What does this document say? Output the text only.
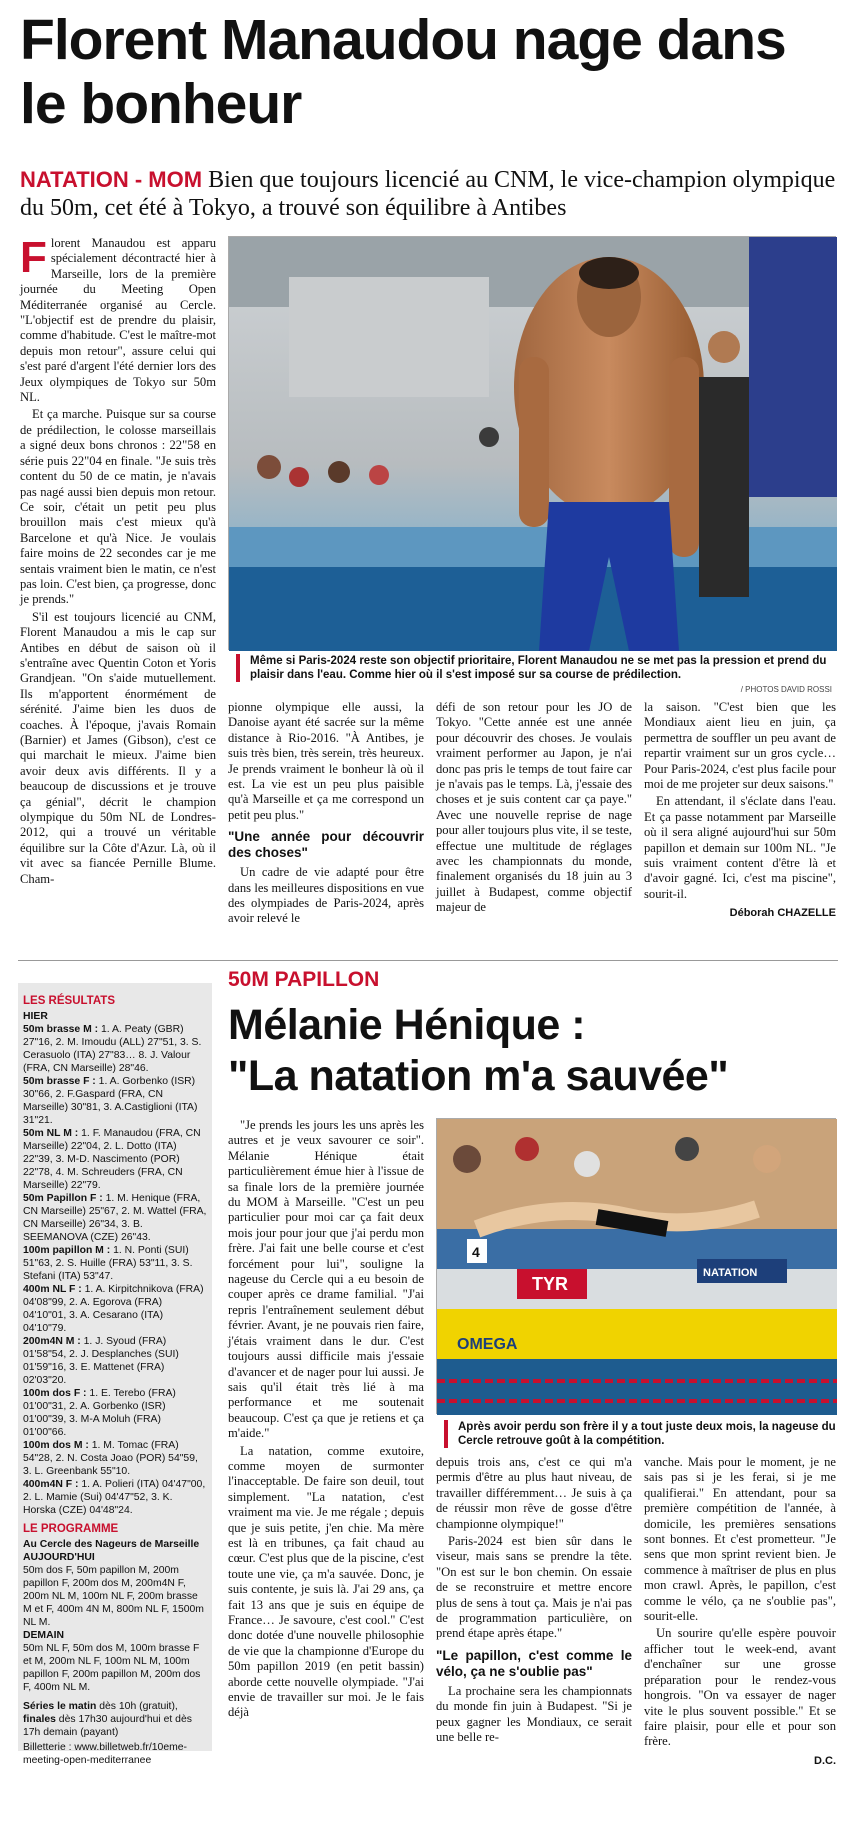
Florent Manaudou nage dans le bonheur
NATATION - MOM Bien que toujours licencié au CNM, le vice-champion olympique du 50m, cet été à Tokyo, a trouvé son équilibre à Antibes
F lorent Manaudou est apparu spécialement décontracté hier à Marseille, lors de la première journée du Meeting Open Méditerranée organisé au Cercle. "L'objectif est de prendre du plaisir, comme d'habitude. C'est le maître-mot depuis mon retour", assure celui qui s'est paré d'argent l'été dernier lors des Jeux olympiques de Tokyo sur 50m NL.

Et ça marche. Puisque sur sa course de prédilection, le colosse marseillais a signé deux bons chronos : 22"58 en série puis 22"04 en finale. "Je suis très content du 50 de ce matin, je n'avais pas nagé aussi bien depuis mon retour. Ce soir, c'était un petit peu plus brouillon mais c'est mieux qu'à Barcelone et qu'à Nice. Je voulais faire moins de 22 secondes car je me sentais vraiment bien le matin, ce n'est pas loin. C'est bien, ça progresse, donc je prends."

S'il est toujours licencié au CNM, Florent Manaudou a mis le cap sur Antibes en début de saison où il s'entraîne avec Quentin Coton et Yoris Grandjean. "On s'aide mutuellement. Ils m'apportent énormément de sérénité. J'aime bien les duos de coaches. À l'époque, j'avais Romain (Barnier) et James (Gibson), c'est ce qui marchait le mieux. J'aime bien avoir deux avis différents. Il y a beaucoup de discussions et je trouve ça génial", décrit le champion olympique du 50m NL de Londres-2012, qui a trouvé un véritable équilibre sur la Côte d'Azur. Là, où il vit avec sa fiancée Pernille Blume. Cham-

Même si Paris-2024 reste son objectif prioritaire, Florent Manaudou ne se met pas la pression et prend du plaisir dans l'eau. Comme hier où il s'est imposé sur sa course de prédilection.
/ PHOTOS DAVID ROSSI

pionne olympique elle aussi, la Danoise ayant été sacrée sur la même distance à Rio-2016. "À Antibes, je suis très bien, très serein, très heureux. Je prends vraiment le bonheur là où il est. La vie est un peu plus paisible qu'à Marseille et ça me correspond un petit peu plus."

"Une année pour découvrir des choses"

Un cadre de vie adapté pour être dans les meilleures dispositions en vue des olympiades de Paris-2024, après avoir relevé le

défi de son retour pour les JO de Tokyo. "Cette année est une année pour découvrir des choses. Je voulais vraiment performer au Japon, je n'ai donc pas pris le temps de tout faire car je n'avais pas le temps. Là, j'essaie des choses et je suis content car ça paye." Avec une nouvelle reprise de nage pour aller toujours plus vite, il se teste, effectue une multitude de réglages avec les championnats du monde, finalement organisés du 18 juin au 3 juillet à Budapest, comme objectif majeur de

la saison. "C'est bien que les Mondiaux aient lieu en juin, ça permettra de souffler un peu avant de repartir vraiment sur un gros cycle… Pour Paris-2024, c'est plus facile pour moi de me projeter sur deux saisons."

En attendant, il s'éclate dans l'eau. Et ça passe notamment par Marseille où il sera aligné aujourd'hui sur 50m papillon et demain sur 100m NL. "Je suis vraiment content d'être là et d'avoir gagné. Ici, c'est ma piscine", sourit-il.

Déborah CHAZELLE
LES RÉSULTATS
HIER
50m brasse M : 1. A. Peaty (GBR) 27"16, 2. M. Imoudu (ALL) 27"51, 3. S. Cerasuolo (ITA) 27"83… 8. J. Valour (FRA, CN Marseille) 28"46.
50m brasse F : 1. A. Gorbenko (ISR) 30"66, 2. F.Gaspard (FRA, CN Marseille) 30"81, 3. A.Castiglioni (ITA) 31"21.
50m NL M : 1. F. Manaudou (FRA, CN Marseille) 22"04, 2. L. Dotto (ITA) 22"39, 3. M-D. Nascimento (POR) 22"78, 4. M. Schreuders (FRA, CN Marseille) 22"79.
50m Papillon F : 1. M. Henique (FRA, CN Marseille) 25"67, 2. M. Wattel (FRA, CN Marseille) 26"34, 3. B. SEEMANOVA (CZE) 26"43.
100m papillon M : 1. N. Ponti (SUI) 51"63, 2. S. Huille (FRA) 53"11, 3. S. Stefani (ITA) 53"47.
400m NL F : 1. A. Kirpitchnikova (FRA) 04'08"99, 2. A. Egorova (FRA) 04'10"01, 3. A. Cesarano (ITA) 04'10"79.
200m4N M : 1. J. Syoud (FRA) 01'58"54, 2. J. Desplanches (SUI) 01'59"16, 3. E. Mattenet (FRA) 02'03"20.
100m dos F : 1. E. Terebo (FRA) 01'00"31, 2. A. Gorbenko (ISR) 01'00"39, 3. M-A Moluh (FRA) 01'00"66.
100m dos M : 1. M. Tomac (FRA) 54"28, 2. N. Costa Joao (POR) 54"59, 3. L. Greenbank 55"10.
400m4N F : 1. A. Polieri (ITA) 04'47"00, 2. L. Mamie (Sui) 04'47"52, 3. K. Horska (CZE) 04'48"24.
LE PROGRAMME
Au Cercle des Nageurs de Marseille
AUJOURD'HUI
50m dos F, 50m papillon M, 200m papillon F, 200m dos M, 200m4N F, 200m NL M, 100m NL F, 200m brasse M et F, 400m 4N M, 800m NL F, 1500m NL M.
DEMAIN
50m NL F, 50m dos M, 100m brasse F et M, 200m NL F, 100m NL M, 100m papillon F, 200m papillon M, 200m dos F, 400m NL M.
Séries le matin dès 10h (gratuit), finales dès 17h30 aujourd'hui et dès 17h demain (payant)
Billetterie : www.billetweb.fr/10eme-meeting-open-mediterranee
50M PAPILLON
Mélanie Hénique :
"La natation m'a sauvée"

"Je prends les jours les uns après les autres et je veux savourer ce soir". Mélanie Hénique était particulièrement émue hier à l'issue de sa finale lors de la première journée du MOM à Marseille. "C'est un peu particulier pour moi car ça fait deux mois jour pour jour que j'ai perdu mon frère. J'ai fait une belle course et c'est forcément pour lui", souligne la nageuse du Cercle qui a eu besoin de couper après ce drame familial. "J'ai repris l'entraînement seulement début février. Avant, je ne pouvais rien faire, j'étais vraiment dans le dur. C'est toujours aussi difficile mais j'essaie d'avancer et de nager pour lui aussi. Je sais qu'il était très lié à ma performance et me soutenait beaucoup. C'est ça que je retiens et ça m'aide."

La natation, comme exutoire, comme moyen de surmonter l'inacceptable. De faire son deuil, tout simplement. "La natation, c'est vraiment ma vie. Je me régale ; depuis que je suis petite, j'en chie. Ma mère est là en tribunes, ça fait chaud au cœur. C'est plus que de la piscine, c'est toute une vie, ça m'a sauvée. Donc, je suis contente, je suis là. J'ai 29 ans, ça fait 13 ans que je suis en équipe de France… Je savoure, c'est cool." C'est donc dotée d'une nouvelle philosophie de vie que la championne d'Europe du 50m papillon 2019 (en petit bassin) aborde cette nouvelle olympiade. "J'ai envie de travailler sur moi. Je le fais déjà

TYR
NATATION
OMEGA
4
Après avoir perdu son frère il y a tout juste deux mois, la nageuse du Cercle retrouve goût à la compétition.

depuis trois ans, c'est ce qui m'a permis d'être au plus haut niveau, de travailler différemment… Je suis à ça de réussir mon rêve de gosse d'être championne olympique!"

Paris-2024 est bien sûr dans le viseur, mais sans se prendre la tête. "On est sur le bon chemin. On essaie de se reconstruire et mettre encore plus de sens à tout ça. Mais je n'ai pas de programmation particulière, on prend étape après étape."

"Le papillon, c'est comme le vélo, ça ne s'oublie pas"

La prochaine sera les championnats du monde fin juin à Budapest. "Si je peux gagner les Mondiaux, ce serait une belle re-

vanche. Mais pour le moment, je ne sais pas si je les ferai, si je me qualifierai." En attendant, pour sa première compétition de l'année, à domicile, les premières sensations sont bonnes. Et c'est prometteur. "Je sens que mon sprint revient bien. Je commence à maîtriser de plus en plus mon crawl. Après, le papillon, c'est comme le vélo, ça ne s'oublie pas", sourit-elle.

Un sourire qu'elle espère pouvoir afficher tout le week-end, avant d'enchaîner sur une grosse préparation pour le rendez-vous hongrois. "On va essayer de nager vite le plus souvent possible." Et se faire plaisir, pour elle et pour son frère.

D.C.
